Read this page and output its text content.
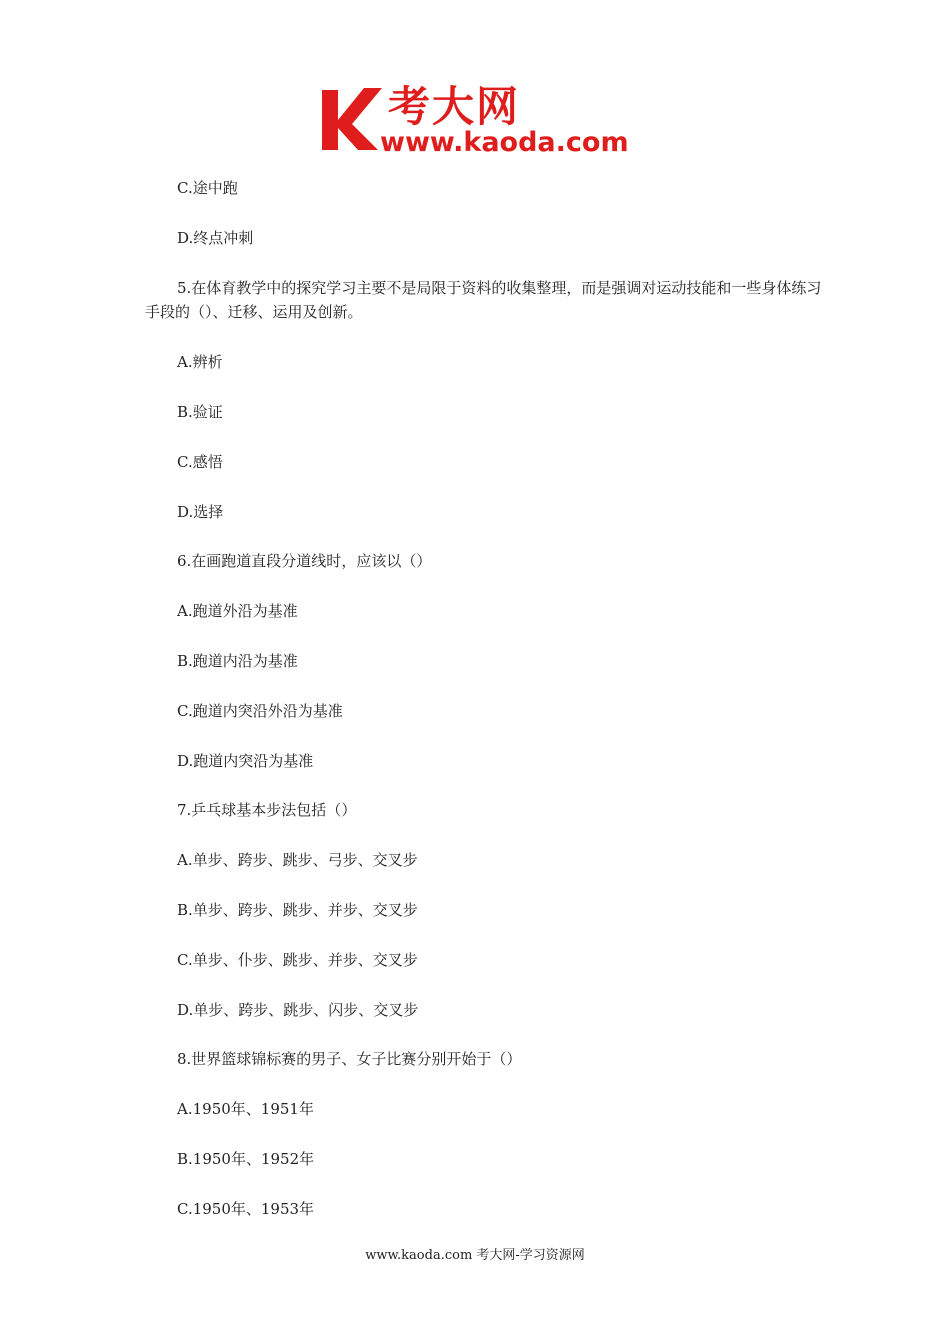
考大网
www.kaoda.com
C.途中跑
D.终点冲刺
5.在体育教学中的探究学习主要不是局限于资料的收集整理，而是强调对运动技能和一些身体练习手段的（）、迁移、运用及创新。
A.辨析
B.验证
C.感悟
D.选择
6.在画跑道直段分道线时，应该以（）
A.跑道外沿为基准
B.跑道内沿为基准
C.跑道内突沿外沿为基准
D.跑道内突沿为基准
7.乒乓球基本步法包括（）
A.单步、跨步、跳步、弓步、交叉步
B.单步、跨步、跳步、并步、交叉步
C.单步、仆步、跳步、并步、交叉步
D.单步、跨步、跳步、闪步、交叉步
8.世界篮球锦标赛的男子、女子比赛分别开始于（）
A.1950年、1951年
B.1950年、1952年
C.1950年、1953年
www.kaoda.com 考大网-学习资源网
